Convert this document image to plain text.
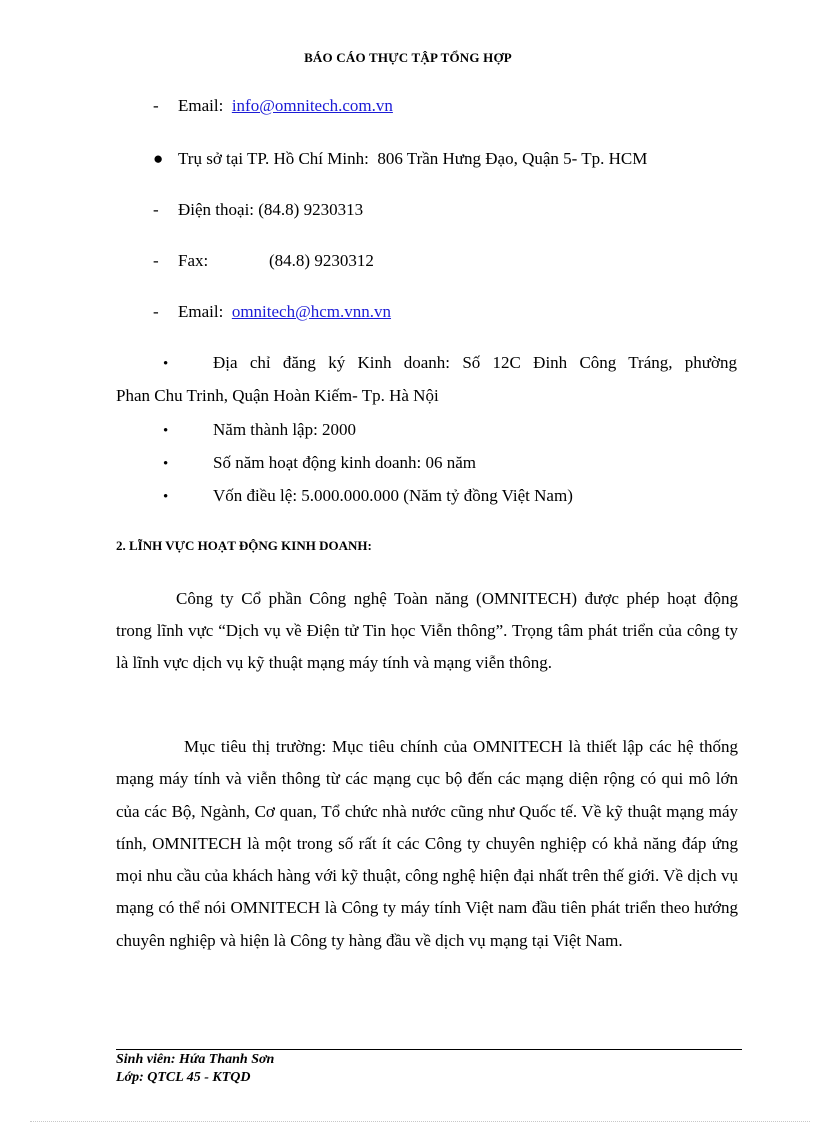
BÁO CÁO THỰC TẬP TỔNG HỢP
- Email: info@omnitech.com.vn
● Trụ sở tại TP. Hồ Chí Minh: 806 Trần Hưng Đạo, Quận 5- Tp. HCM
- Điện thoại: (84.8) 9230313
- Fax:	(84.8) 9230312
- Email: omnitech@hcm.vnn.vn
•	Địa chỉ đăng ký Kinh doanh: Số 12C Đinh Công Tráng, phường
Phan Chu Trinh, Quận Hoàn Kiếm- Tp. Hà Nội
•	Năm thành lập: 2000
•	Số năm hoạt động kinh doanh: 06 năm
•	Vốn điều lệ: 5.000.000.000 (Năm tỷ đồng Việt Nam)
2. LĨNH VỰC HOẠT ĐỘNG KINH DOANH:
Công ty Cổ phần Công nghệ Toàn năng (OMNITECH) được phép hoạt động trong lĩnh vực “Dịch vụ về Điện tử Tin học Viễn thông”. Trọng tâm phát triển của công ty là lĩnh vực dịch vụ kỹ thuật mạng máy tính và mạng viễn thông.
Mục tiêu thị trường: Mục tiêu chính của OMNITECH là thiết lập các hệ thống mạng máy tính và viễn thông từ các mạng cục bộ đến các mạng diện rộng có qui mô lớn của các Bộ, Ngành, Cơ quan, Tổ chức nhà nước cũng như Quốc tế. Về kỹ thuật mạng máy tính, OMNITECH là một trong số rất ít các Công ty chuyên nghiệp có khả năng đáp ứng mọi nhu cầu của khách hàng với kỹ thuật, công nghệ hiện đại nhất trên thế giới. Về dịch vụ mạng có thể nói OMNITECH là Công ty máy tính Việt nam đầu tiên phát triển theo hướng chuyên nghiệp và hiện là Công ty hàng đầu về dịch vụ mạng tại Việt Nam.
Sinh viên: Hứa Thanh Sơn
Lớp: QTCL 45 - KTQD
